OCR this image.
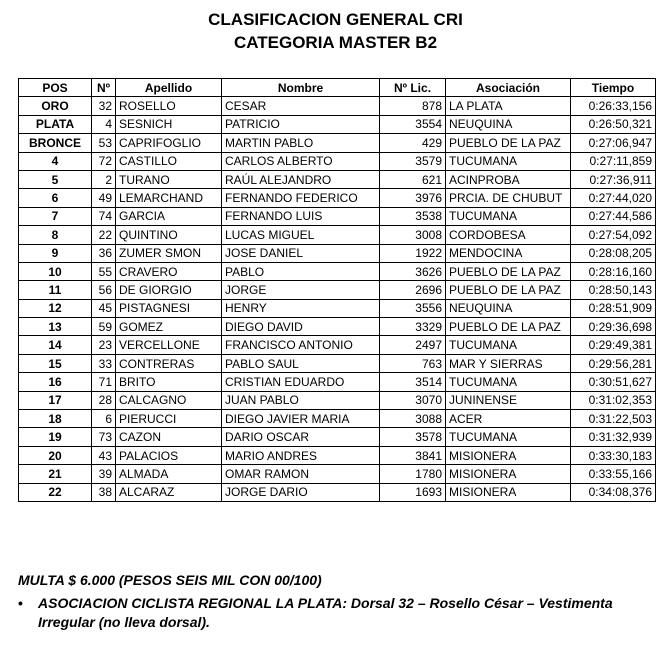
CLASIFICACION GENERAL CRI
CATEGORIA MASTER B2
POS	Nº	Apellido	Nombre	Nº Lic.	Asociación	Tiempo
ORO	32	ROSELLO	CESAR	878	LA PLATA	0:26:33,156
PLATA	4	SESNICH	PATRICIO	3554	NEUQUINA	0:26:50,321
BRONCE	53	CAPRIFOGLIO	MARTIN PABLO	429	PUEBLO DE LA PAZ	0:27:06,947
4	72	CASTILLO	CARLOS ALBERTO	3579	TUCUMANA	0:27:11,859
5	2	TURANO	RAÚL ALEJANDRO	621	ACINPROBA	0:27:36,911
6	49	LEMARCHAND	FERNANDO FEDERICO	3976	PRCIA. DE CHUBUT	0:27:44,020
7	74	GARCIA	FERNANDO LUIS	3538	TUCUMANA	0:27:44,586
8	22	QUINTINO	LUCAS MIGUEL	3008	CORDOBESA	0:27:54,092
9	36	ZUMER SMON	JOSE DANIEL	1922	MENDOCINA	0:28:08,205
10	55	CRAVERO	PABLO	3626	PUEBLO DE LA PAZ	0:28:16,160
11	56	DE GIORGIO	JORGE	2696	PUEBLO DE LA PAZ	0:28:50,143
12	45	PISTAGNESI	HENRY	3556	NEUQUINA	0:28:51,909
13	59	GOMEZ	DIEGO DAVID	3329	PUEBLO DE LA PAZ	0:29:36,698
14	23	VERCELLONE	FRANCISCO ANTONIO	2497	TUCUMANA	0:29:49,381
15	33	CONTRERAS	PABLO SAUL	763	MAR Y SIERRAS	0:29:56,281
16	71	BRITO	CRISTIAN EDUARDO	3514	TUCUMANA	0:30:51,627
17	28	CALCAGNO	JUAN PABLO	3070	JUNINENSE	0:31:02,353
18	6	PIERUCCI	DIEGO JAVIER MARIA	3088	ACER	0:31:22,503
19	73	CAZON	DARIO OSCAR	3578	TUCUMANA	0:31:32,939
20	43	PALACIOS	MARIO ANDRES	3841	MISIONERA	0:33:30,183
21	39	ALMADA	OMAR RAMON	1780	MISIONERA	0:33:55,166
22	38	ALCARAZ	JORGE DARIO	1693	MISIONERA	0:34:08,376
MULTA $ 6.000 (PESOS SEIS MIL CON 00/100)
• ASOCIACION CICLISTA REGIONAL LA PLATA: Dorsal 32 – Rosello César – Vestimenta Irregular (no lleva dorsal).
